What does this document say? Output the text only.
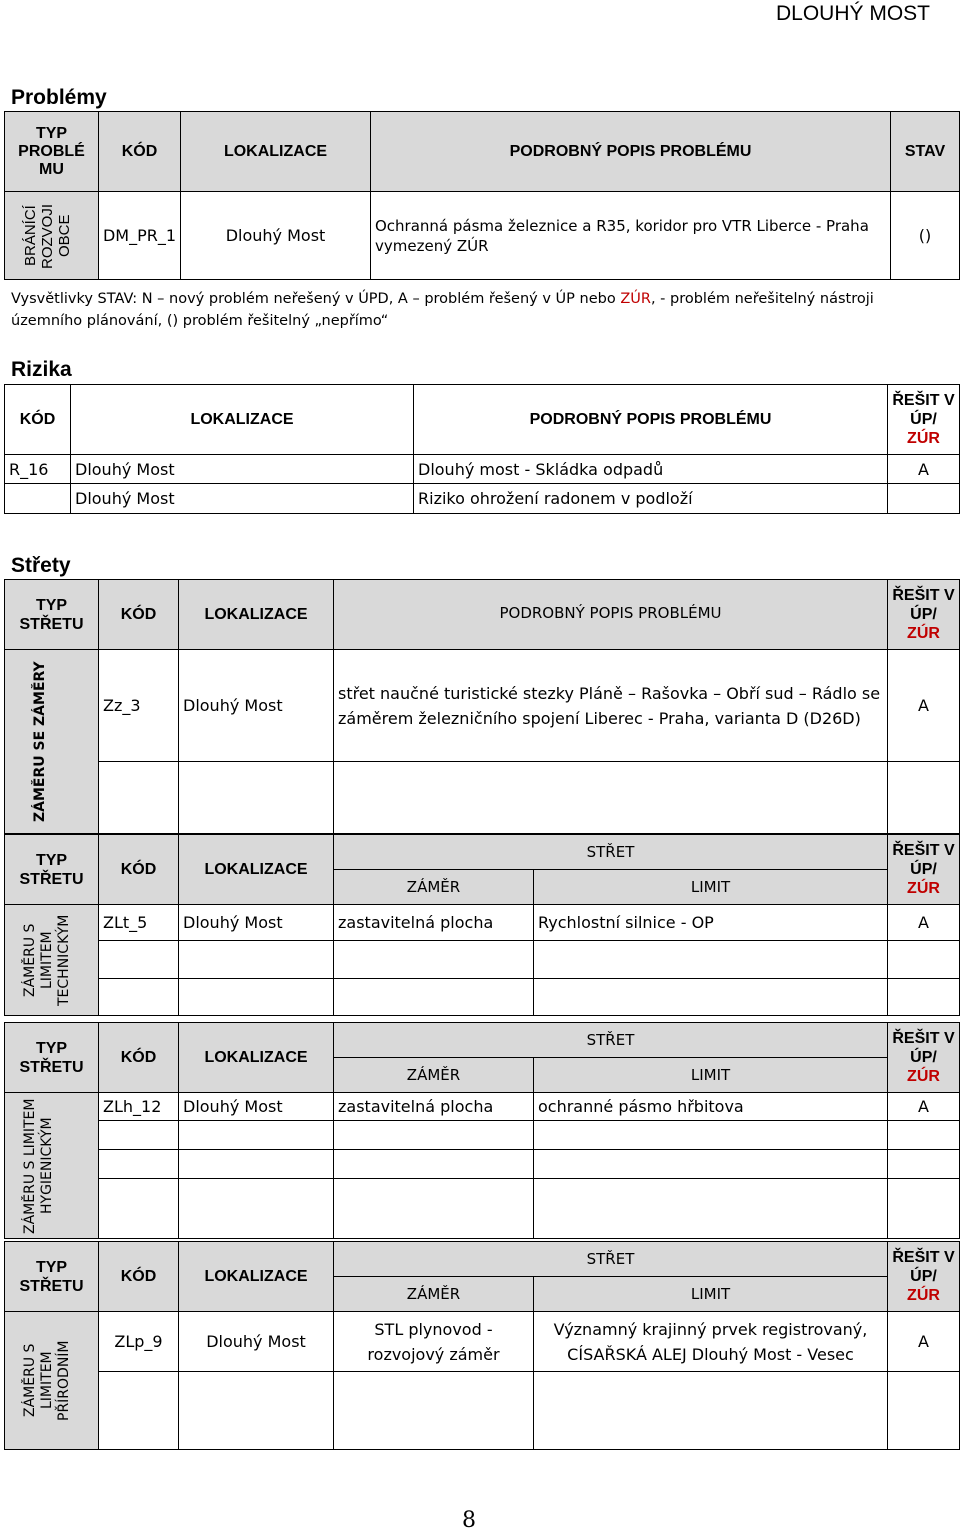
DLOUHÝ MOST
Problémy
TYP PROBLÉ MU	KÓD	LOKALIZACE	PODROBNÝ POPIS PROBLÉMU	STAV

BRÁNÍCÍ ROZVOJI OBCE	DM_PR_1	Dlouhý Most	Ochranná pásma železnice a R35, koridor pro VTR Liberce - Praha vymezený ZÚR	()
Vysvětlivky STAV: N – nový problém neřešený v ÚPD, A – problém řešený v ÚP nebo ZÚR, - problém neřešitelný nástroji územního plánování, () problém řešitelný „nepřímo“
Rizika
KÓD	LOKALIZACE	PODROBNÝ POPIS PROBLÉMU	ŘEŠIT V ÚP/
ZÚR
R_16	Dlouhý Most	Dlouhý most - Skládka odpadů	A
	Dlouhý Most	Riziko ohrožení radonem v podloží	
Střety
TYP STŘETU	KÓD	LOKALIZACE	PODROBNÝ POPIS PROBLÉMU	ŘEŠIT V ÚP/
ZÚR

ZÁMĚRU SE ZÁMĚRY	Zz_3	Dlouhý Most	střet naučné turistické stezky Pláně – Rašovka – Obří sud – Rádlo se záměrem železničního spojení Liberec - Praha, varianta D (D26D)	A

TYP STŘETU	KÓD	LOKALIZACE	STŘET		ŘEŠIT V ÚP/
ZÚR
			ZÁMĚR	LIMIT	

ZÁMĚRU S LIMITEM TECHNICKÝM	ZLt_5	Dlouhý Most	zastavitelná plocha	Rychlostní silnice - OP	A

TYP STŘETU	KÓD	LOKALIZACE	STŘET		ŘEŠIT V ÚP/
ZÚR
			ZÁMĚR	LIMIT	

ZÁMĚRU S LIMITEM HYGIENICKÝM	ZLh_12	Dlouhý Most	zastavitelná plocha	ochranné pásmo hřbitova	A

TYP STŘETU	KÓD	LOKALIZACE	STŘET		ŘEŠIT V ÚP/
ZÚR
			ZÁMĚR	LIMIT	

ZÁMĚRU S LIMITEM PŘÍRODNÍM	ZLp_9	Dlouhý Most	STL plynovod - rozvojový záměr	Významný krajinný prvek registrovaný, CÍSAŘSKÁ ALEJ Dlouhý Most - Vesec	A

8
